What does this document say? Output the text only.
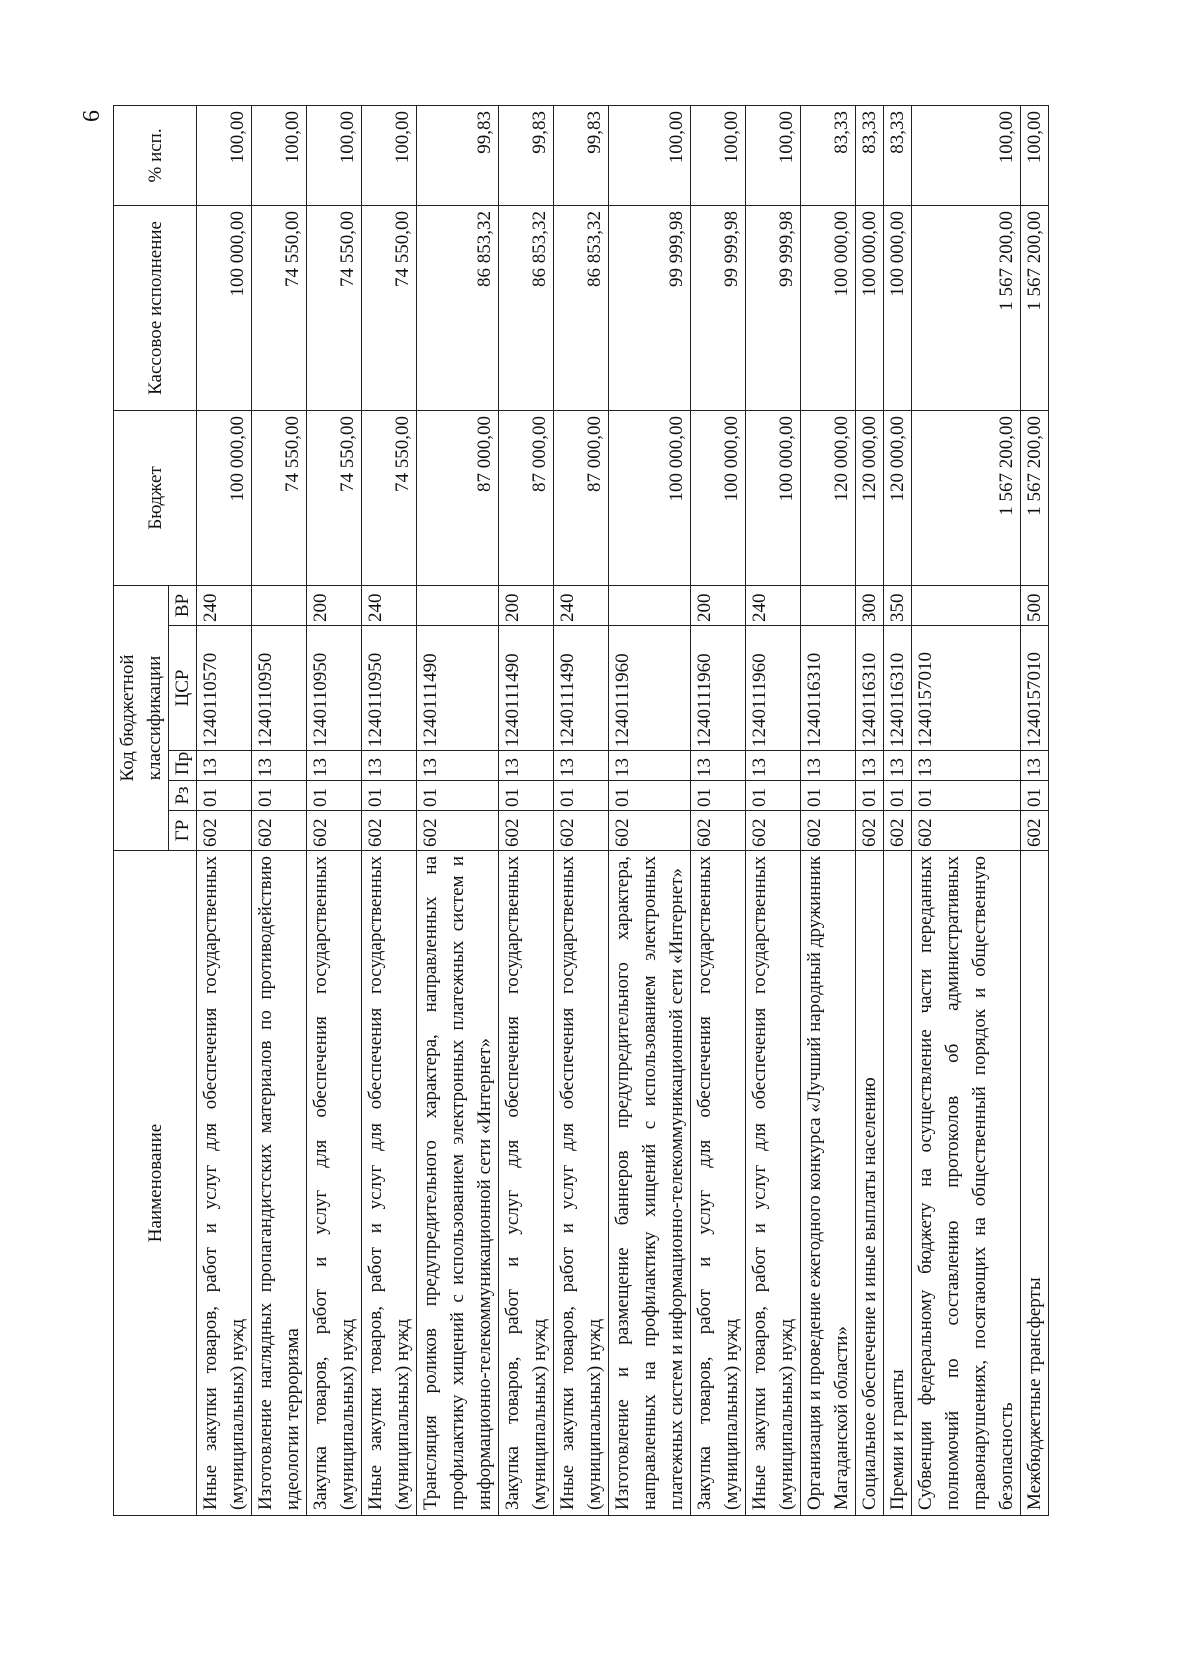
6
Наименование	Код бюджетной классификации					Бюджет	Кассовое исполнение	% исп.
	ГР	Рз	Пр	ЦСР	ВР			
Иные закупки товаров, работ и услуг для обеспечения государственных (муниципальных) нужд	602	01	13	1240110570	240	100 000,00	100 000,00	100,00
Изготовление наглядных пропагандистских материалов по противодействию идеологии терроризма	602	01	13	1240110950		74 550,00	74 550,00	100,00
Закупка товаров, работ и услуг для обеспечения государственных (муниципальных) нужд	602	01	13	1240110950	200	74 550,00	74 550,00	100,00
Иные закупки товаров, работ и услуг для обеспечения государственных (муниципальных) нужд	602	01	13	1240110950	240	74 550,00	74 550,00	100,00
Трансляция роликов предупредительного характера, направленных на профилактику хищений с использованием электронных платежных систем и информационно-телекоммуникационной сети «Интернет»	602	01	13	1240111490		87 000,00	86 853,32	99,83
Закупка товаров, работ и услуг для обеспечения государственных (муниципальных) нужд	602	01	13	1240111490	200	87 000,00	86 853,32	99,83
Иные закупки товаров, работ и услуг для обеспечения государственных (муниципальных) нужд	602	01	13	1240111490	240	87 000,00	86 853,32	99,83
Изготовление и размещение баннеров предупредительного характера, направленных на профилактику хищений с использованием электронных платежных систем и информационно-телекоммуникационной сети «Интернет»	602	01	13	1240111960		100 000,00	99 999,98	100,00
Закупка товаров, работ и услуг для обеспечения государственных (муниципальных) нужд	602	01	13	1240111960	200	100 000,00	99 999,98	100,00
Иные закупки товаров, работ и услуг для обеспечения государственных (муниципальных) нужд	602	01	13	1240111960	240	100 000,00	99 999,98	100,00
Организация и проведение ежегодного конкурса «Лучший народный дружинник Магаданской области»	602	01	13	1240116310		120 000,00	100 000,00	83,33
Социальное обеспечение и иные выплаты населению	602	01	13	1240116310	300	120 000,00	100 000,00	83,33
Премии и гранты	602	01	13	1240116310	350	120 000,00	100 000,00	83,33
Субвенции федеральному бюджету на осуществление части переданных полномочий по составлению протоколов об административных правонарушениях, посягающих на общественный порядок и общественную безопасность	602	01	13	1240157010		1 567 200,00	1 567 200,00	100,00
Межбюджетные трансферты	602	01	13	1240157010	500	1 567 200,00	1 567 200,00	100,00
